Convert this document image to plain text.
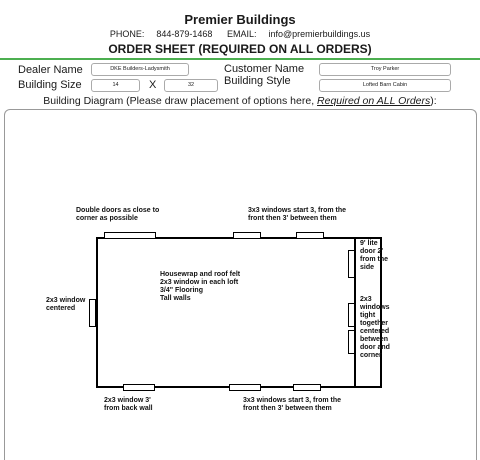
Premier Buildings
PHONE: 844-879-1468 EMAIL: info@premierbuildings.us
ORDER SHEET (REQUIRED ON ALL ORDERS)
Dealer Name	DKE Builders-Ladysmith	Customer Name	Troy Parker
Building Size	14	X	32	Building Style	Lofted Barn Cabin
Building Diagram (Please draw placement of options here, Required on ALL Orders):
Double doors as close to corner as possible
3x3 windows start 3, from the front then 3' between them
9' lite door 2' from the side
Housewrap and roof felt
2x3 window in each loft
3/4" Flooring
Tall walls
2x3 window centered
2x3 windows tight together centered between door and corner
2x3 window 3' from back wall
3x3 windows start 3, from the front then 3' between them
